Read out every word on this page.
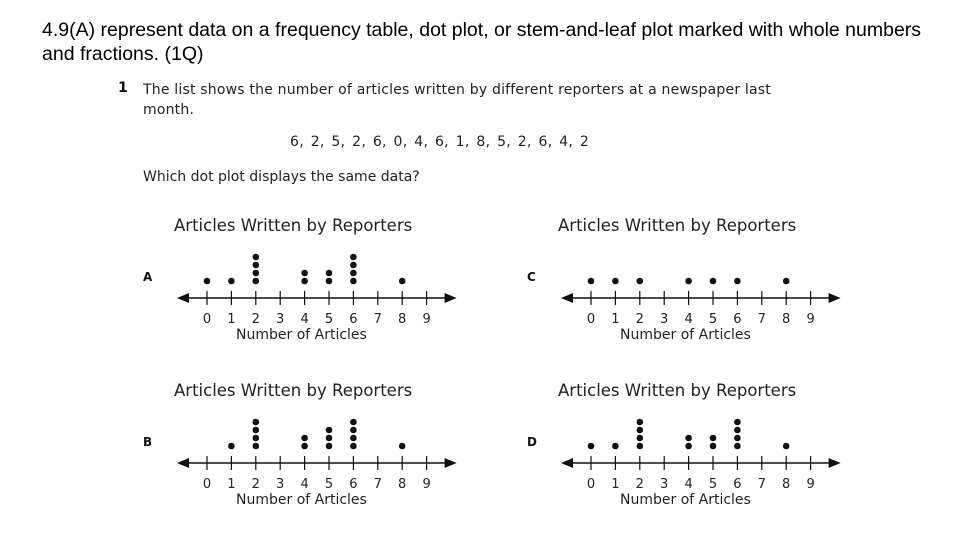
4.9(A) represent data on a frequency table, dot plot, or stem-and-leaf plot marked with whole numbers and fractions. (1Q)
1 The list shows the number of articles written by different reporters at a newspaper last month.
6, 2, 5, 2, 6, 0, 4, 6, 1, 8, 5, 2, 6, 4, 2
Which dot plot displays the same data?
A
Articles Written by Reporters
0 1 2 3 4 5 6 7 8 9
Number of Articles
C
Articles Written by Reporters
0 1 2 3 4 5 6 7 8 9
Number of Articles
B
Articles Written by Reporters
0 1 2 3 4 5 6 7 8 9
Number of Articles
D
Articles Written by Reporters
0 1 2 3 4 5 6 7 8 9
Number of Articles
